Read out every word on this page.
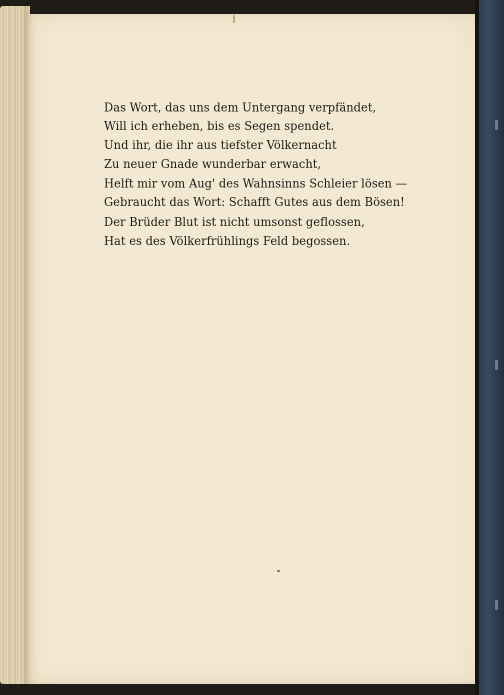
Das Wort, das uns dem Untergang verpfändet,
Will ich erheben, bis es Segen spendet.
Und ihr, die ihr aus tiefster Völkernacht
Zu neuer Gnade wunderbar erwacht,
Helft mir vom Aug' des Wahnsinns Schleier lösen —
Gebraucht das Wort: Schafft Gutes aus dem Bösen!
Der Brüder Blut ist nicht umsonst geflossen,
Hat es des Völkerfrühlings Feld begossen.
